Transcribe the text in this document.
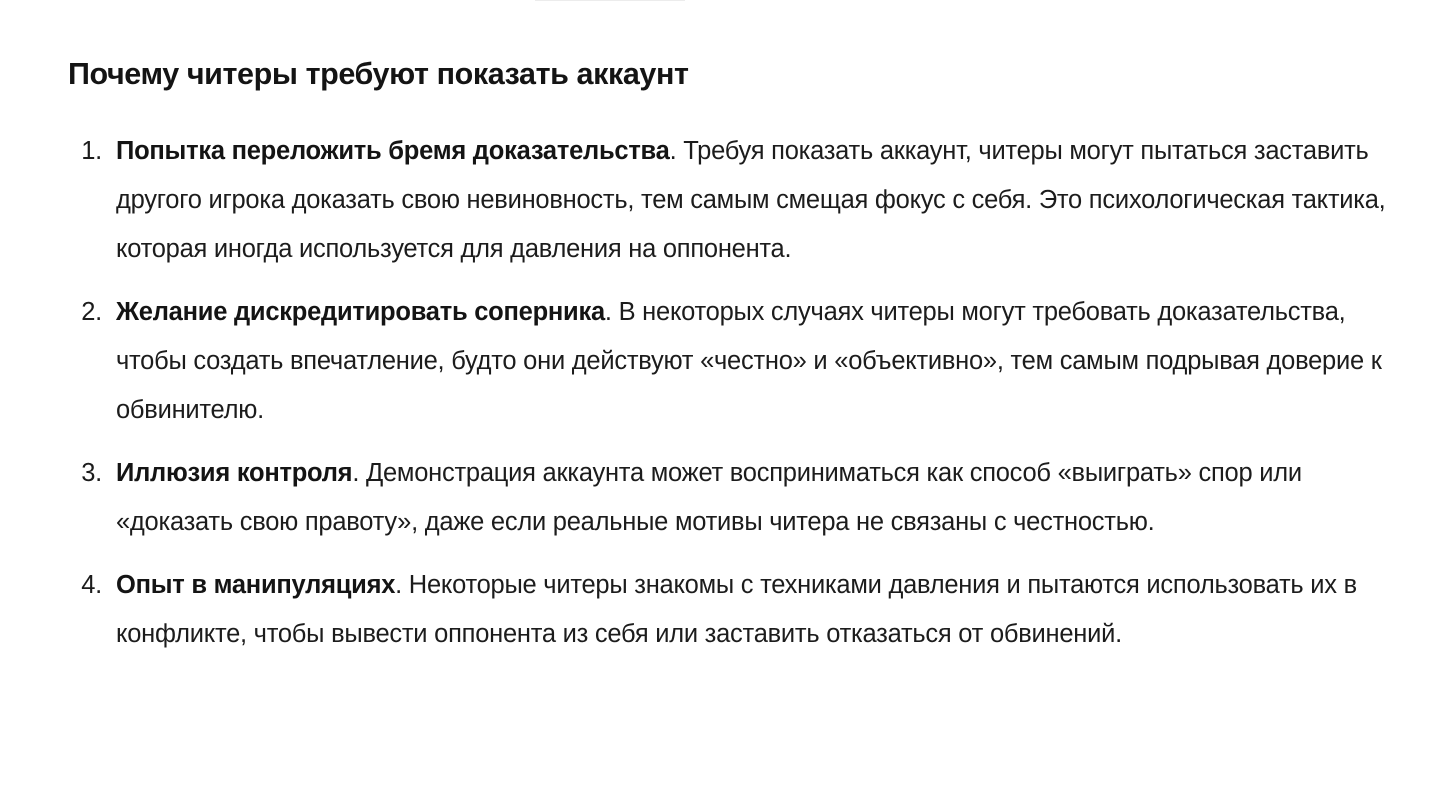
Почему читеры требуют показать аккаунт
1. Попытка переложить бремя доказательства. Требуя показать аккаунт, читеры могут пытаться заставить другого игрока доказать свою невиновность, тем самым смещая фокус с себя. Это психологическая тактика, которая иногда используется для давления на оппонента.
2. Желание дискредитировать соперника. В некоторых случаях читеры могут требовать доказательства, чтобы создать впечатление, будто они действуют «честно» и «объективно», тем самым подрывая доверие к обвинителю.
3. Иллюзия контроля. Демонстрация аккаунта может восприниматься как способ «выиграть» спор или «доказать свою правоту», даже если реальные мотивы читера не связаны с честностью.
4. Опыт в манипуляциях. Некоторые читеры знакомы с техниками давления и пытаются использовать их в конфликте, чтобы вывести оппонента из себя или заставить отказаться от обвинений.
